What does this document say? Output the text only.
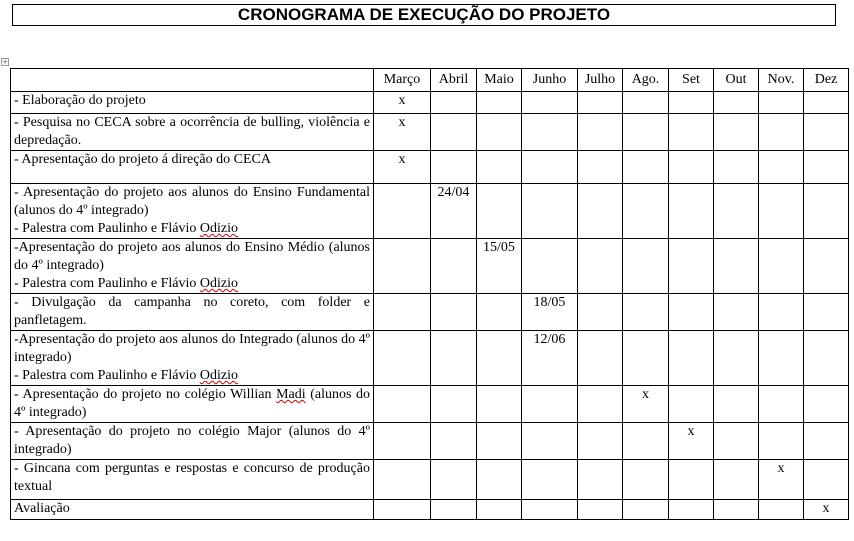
CRONOGRAMA DE EXECUÇÃO DO PROJETO
+
	Março	Abril	Maio	Junho	Julho	Ago.	Set	Out	Nov.	Dez

- Elaboração do projeto	x									

- Pesquisa no CECA sobre a ocorrência de bulling, violência e depredação.	x									

- Apresentação do projeto á direção do CECA	x									

- Apresentação do projeto aos alunos do Ensino Fundamental (alunos do 4º integrado)
- Palestra com Paulinho e Flávio Odizio		24/04								

-Apresentação do projeto aos alunos do Ensino Médio (alunos do 4º integrado)
- Palestra com Paulinho e Flávio Odizio			15/05							

- Divulgação da campanha no coreto, com folder e panfletagem.				18/05						

-Apresentação do projeto aos alunos do Integrado (alunos do 4º integrado)
- Palestra com Paulinho e Flávio Odizio				12/06						

- Apresentação do projeto no colégio Willian Madi (alunos do 4º integrado)						x				

- Apresentação do projeto no colégio Major (alunos do 4º integrado)							x			

- Gincana com perguntas e respostas e concurso de produção textual									x	

Avaliação										x
